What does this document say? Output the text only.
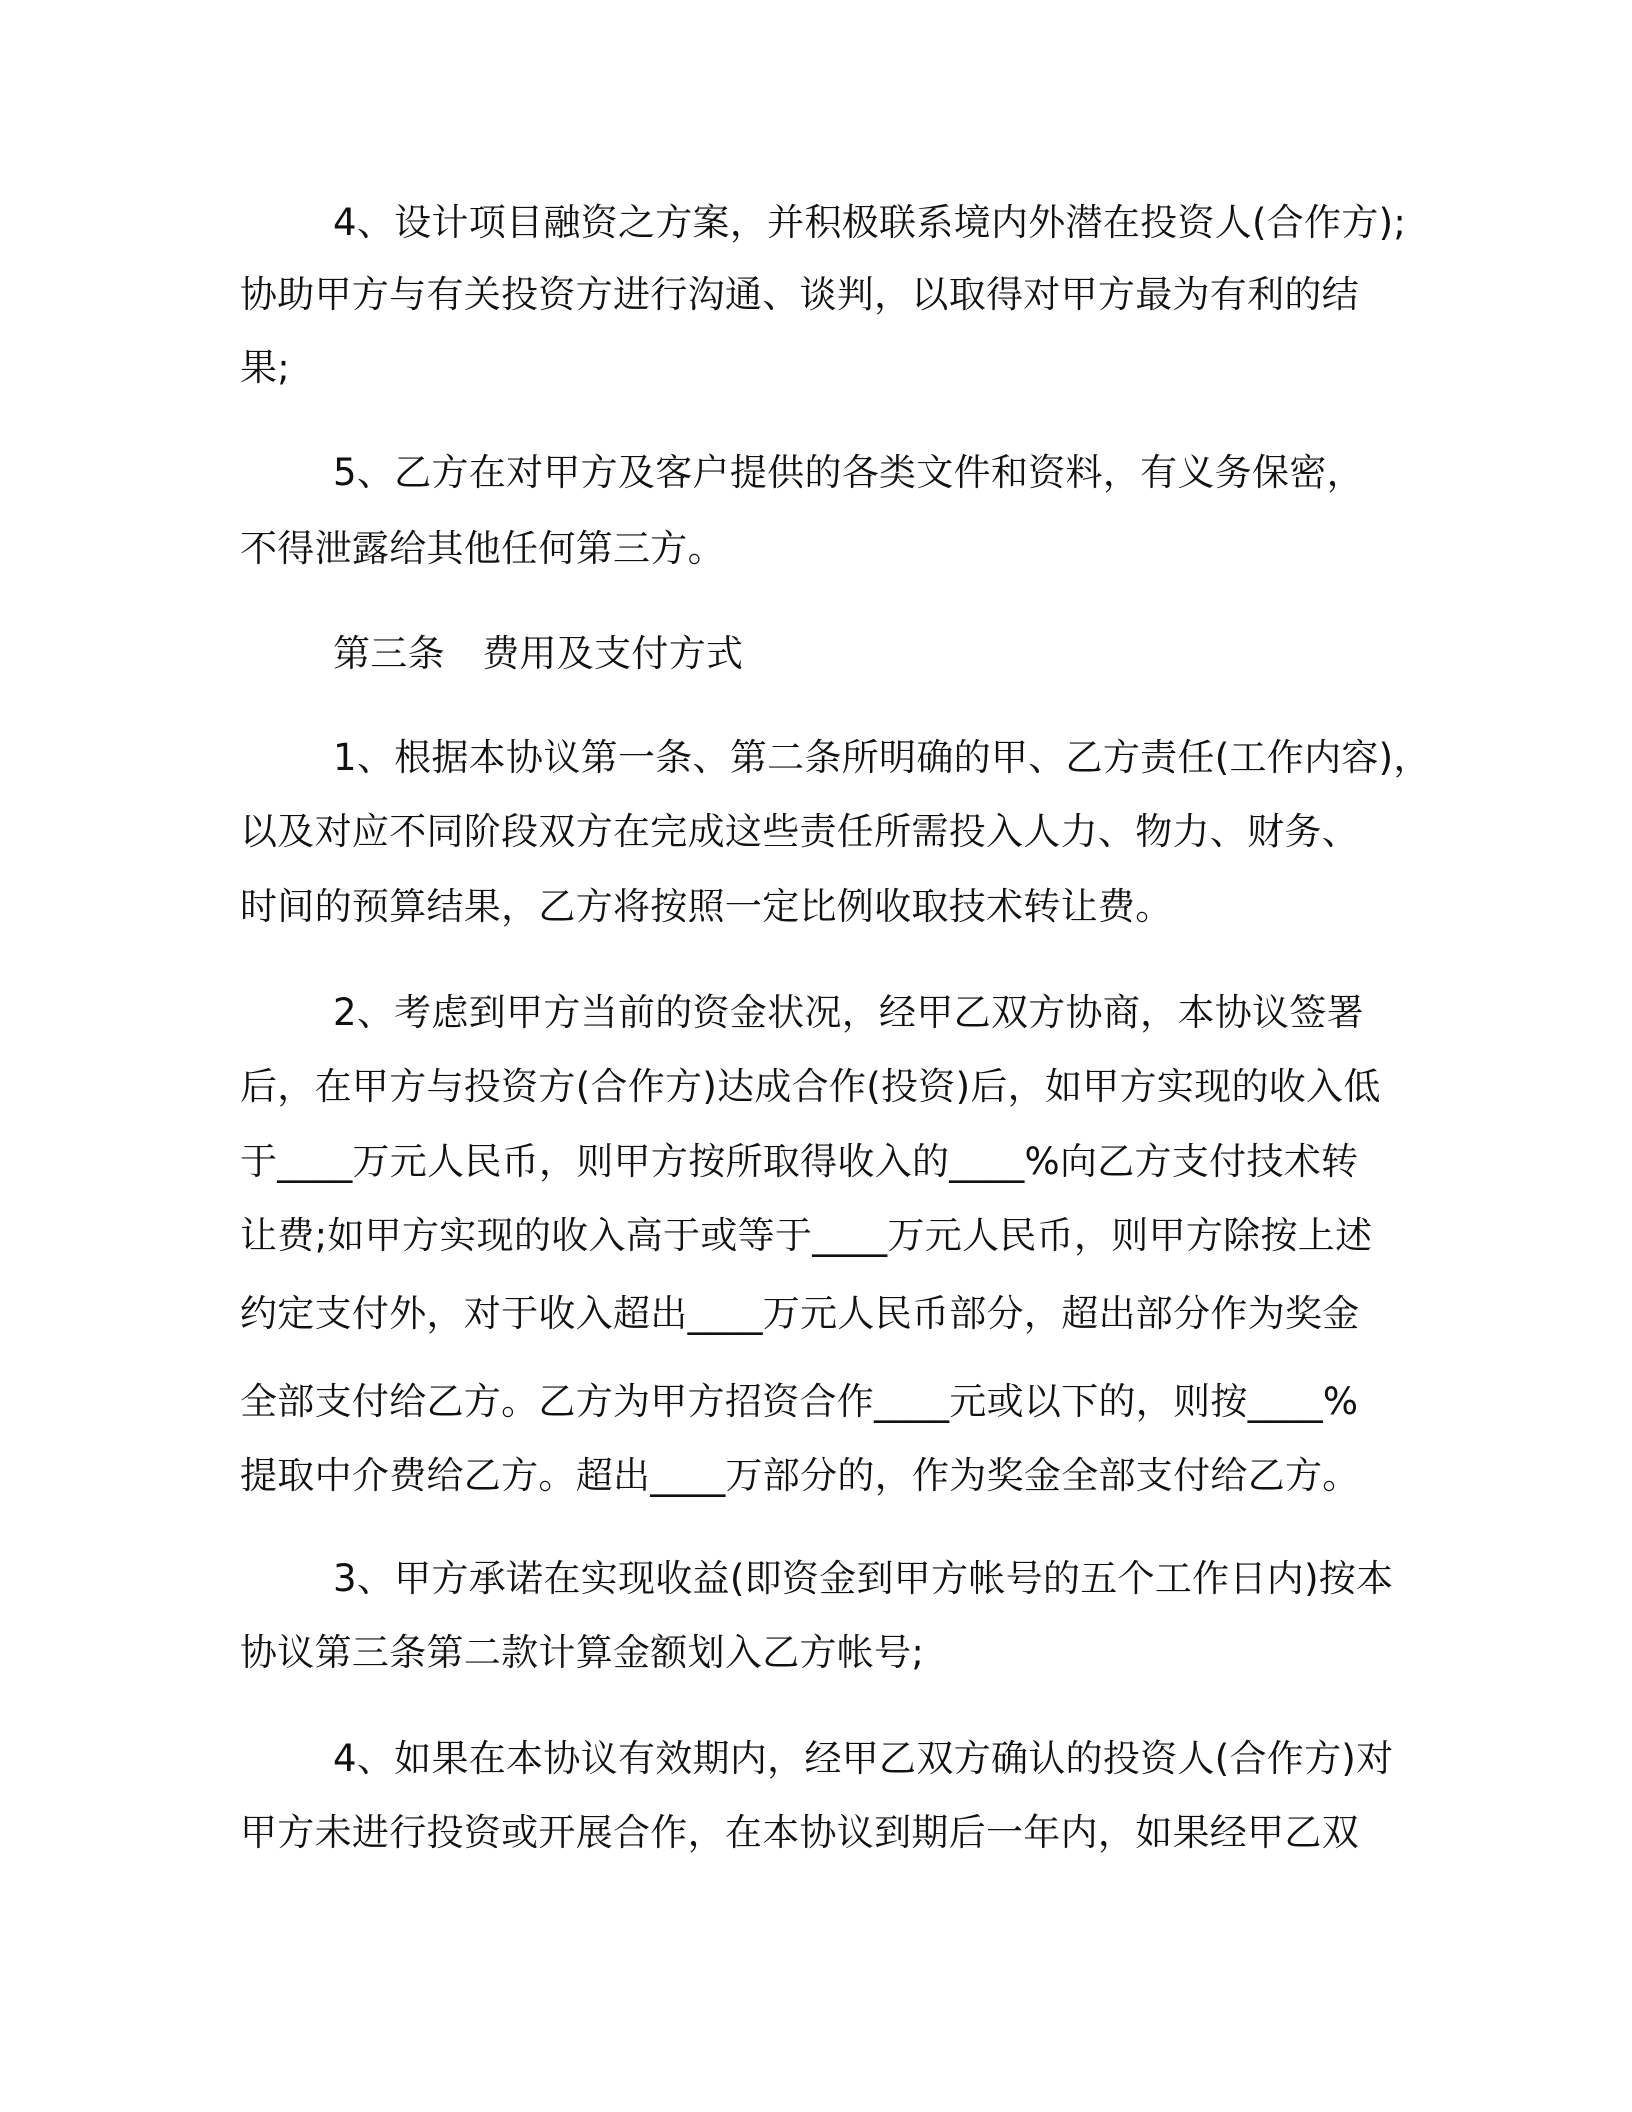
4、设计项目融资之方案，并积极联系境内外潜在投资人(合作方);
协助甲方与有关投资方进行沟通、谈判，以取得对甲方最为有利的结
果;
5、乙方在对甲方及客户提供的各类文件和资料，有义务保密，
不得泄露给其他任何第三方。
第三条　费用及支付方式
1、根据本协议第一条、第二条所明确的甲、乙方责任(工作内容)，
以及对应不同阶段双方在完成这些责任所需投入人力、物力、财务、
时间的预算结果，乙方将按照一定比例收取技术转让费。
2、考虑到甲方当前的资金状况，经甲乙双方协商，本协议签署
后，在甲方与投资方(合作方)达成合作(投资)后，如甲方实现的收入低
于____万元人民币，则甲方按所取得收入的____%向乙方支付技术转
让费;如甲方实现的收入高于或等于____万元人民币，则甲方除按上述
约定支付外，对于收入超出____万元人民币部分，超出部分作为奖金
全部支付给乙方。乙方为甲方招资合作____元或以下的，则按____%
提取中介费给乙方。超出____万部分的，作为奖金全部支付给乙方。
3、甲方承诺在实现收益(即资金到甲方帐号的五个工作日内)按本
协议第三条第二款计算金额划入乙方帐号;
4、如果在本协议有效期内，经甲乙双方确认的投资人(合作方)对
甲方未进行投资或开展合作，在本协议到期后一年内，如果经甲乙双
